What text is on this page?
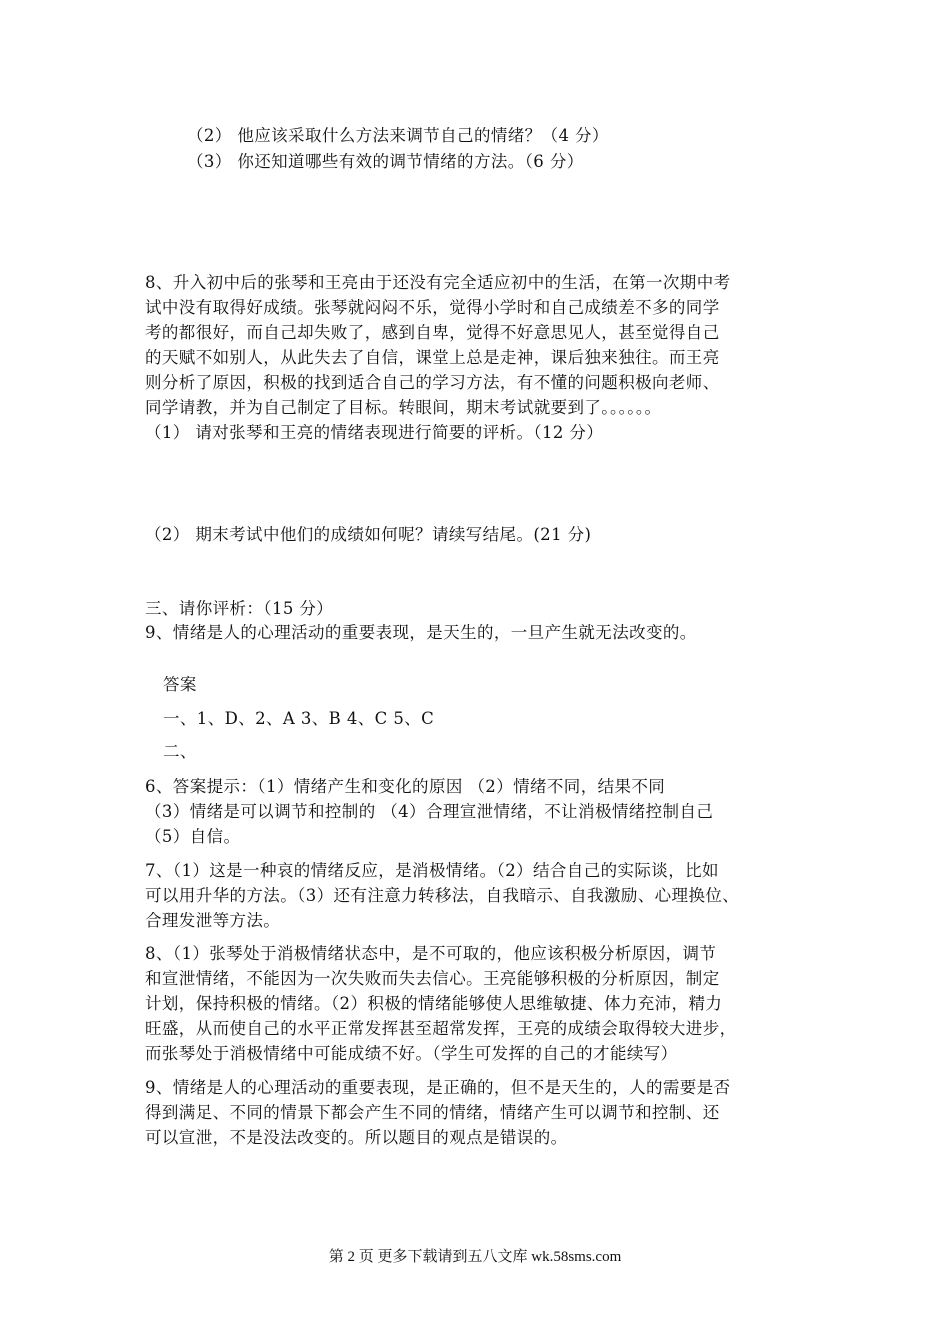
（2） 他应该采取什么方法来调节自己的情绪？（4 分）
（3） 你还知道哪些有效的调节情绪的方法。（6 分）
8、升入初中后的张琴和王亮由于还没有完全适应初中的生活，在第一次期中考
试中没有取得好成绩。张琴就闷闷不乐，觉得小学时和自己成绩差不多的同学
考的都很好，而自己却失败了，感到自卑，觉得不好意思见人，甚至觉得自己
的天赋不如别人，从此失去了自信，课堂上总是走神，课后独来独往。而王亮
则分析了原因，积极的找到适合自己的学习方法，有不懂的问题积极向老师、
同学请教，并为自己制定了目标。转眼间，期末考试就要到了。。。。。。
（1） 请对张琴和王亮的情绪表现进行简要的评析。（12 分）
（2） 期末考试中他们的成绩如何呢？请续写结尾。(21 分)
三、请你评析：（15 分）
9、情绪是人的心理活动的重要表现，是天生的，一旦产生就无法改变的。
答案
一、1、D、2、A 3、B 4、C 5、C
二、
6、答案提示：（1）情绪产生和变化的原因 （2）情绪不同，结果不同
（3）情绪是可以调节和控制的 （4）合理宣泄情绪，不让消极情绪控制自己
（5）自信。
7、（1）这是一种哀的情绪反应，是消极情绪。（2）结合自己的实际谈，比如
可以用升华的方法。（3）还有注意力转移法，自我暗示、自我激励、心理换位、
合理发泄等方法。
8、（1）张琴处于消极情绪状态中，是不可取的，他应该积极分析原因，调节
和宣泄情绪，不能因为一次失败而失去信心。王亮能够积极的分析原因，制定
计划，保持积极的情绪。（2）积极的情绪能够使人思维敏捷、体力充沛，精力
旺盛，从而使自己的水平正常发挥甚至超常发挥，王亮的成绩会取得较大进步，
而张琴处于消极情绪中可能成绩不好。（学生可发挥的自己的才能续写）
9、情绪是人的心理活动的重要表现，是正确的，但不是天生的，人的需要是否
得到满足、不同的情景下都会产生不同的情绪，情绪产生可以调节和控制、还
可以宣泄，不是没法改变的。所以题目的观点是错误的。
第 2 页 更多下载请到五八文库 wk.58sms.com
